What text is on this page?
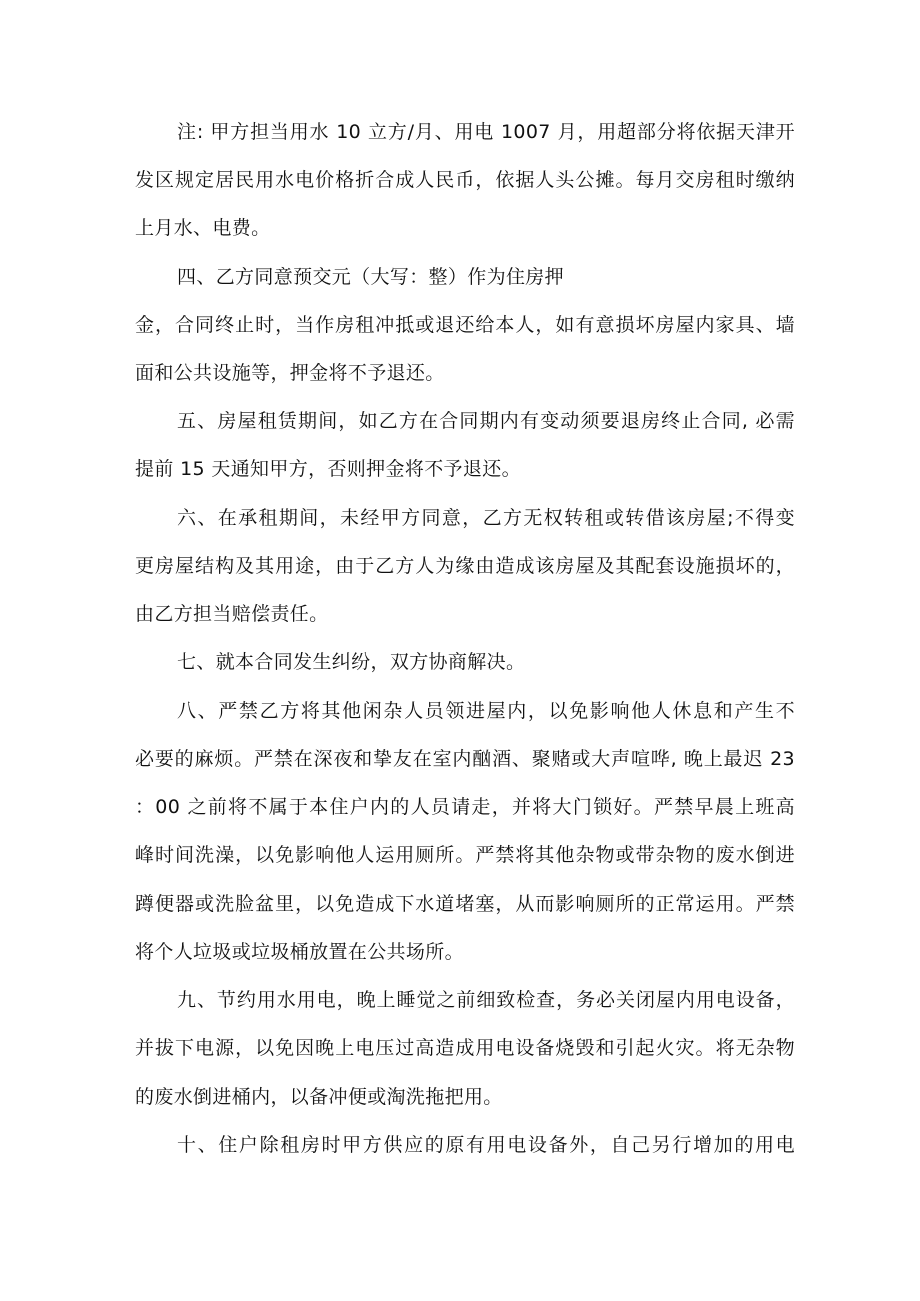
注: 甲方担当用水 10 立方/月、用电 1007 月，用超部分将依据天津开
发区规定居民用水电价格折合成人民币，依据人头公摊。每月交房租时缴纳
上月水、电费。
四、乙方同意预交元（大写：整）作为住房押
金，合同终止时，当作房租冲抵或退还给本人，如有意损坏房屋内家具、墙
面和公共设施等，押金将不予退还。
五、房屋租赁期间，如乙方在合同期内有变动须要退房终止合同, 必需
提前 15 天通知甲方，否则押金将不予退还。
六、在承租期间，未经甲方同意，乙方无权转租或转借该房屋;不得变
更房屋结构及其用途，由于乙方人为缘由造成该房屋及其配套设施损坏的，
由乙方担当赔偿责任。
七、就本合同发生纠纷，双方协商解决。
八、严禁乙方将其他闲杂人员领进屋内，以免影响他人休息和产生不
必要的麻烦。严禁在深夜和挚友在室内酗酒、聚赌或大声喧哗, 晚上最迟 23
：00 之前将不属于本住户内的人员请走，并将大门锁好。严禁早晨上班高
峰时间洗澡，以免影响他人运用厕所。严禁将其他杂物或带杂物的废水倒进
蹲便器或洗脸盆里，以免造成下水道堵塞，从而影响厕所的正常运用。严禁
将个人垃圾或垃圾桶放置在公共场所。
九、节约用水用电，晚上睡觉之前细致检查，务必关闭屋内用电设备，
并拔下电源，以免因晚上电压过高造成用电设备烧毁和引起火灾。将无杂物
的废水倒进桶内，以备冲便或淘洗拖把用。
十、住户除租房时甲方供应的原有用电设备外，自己另行增加的用电
